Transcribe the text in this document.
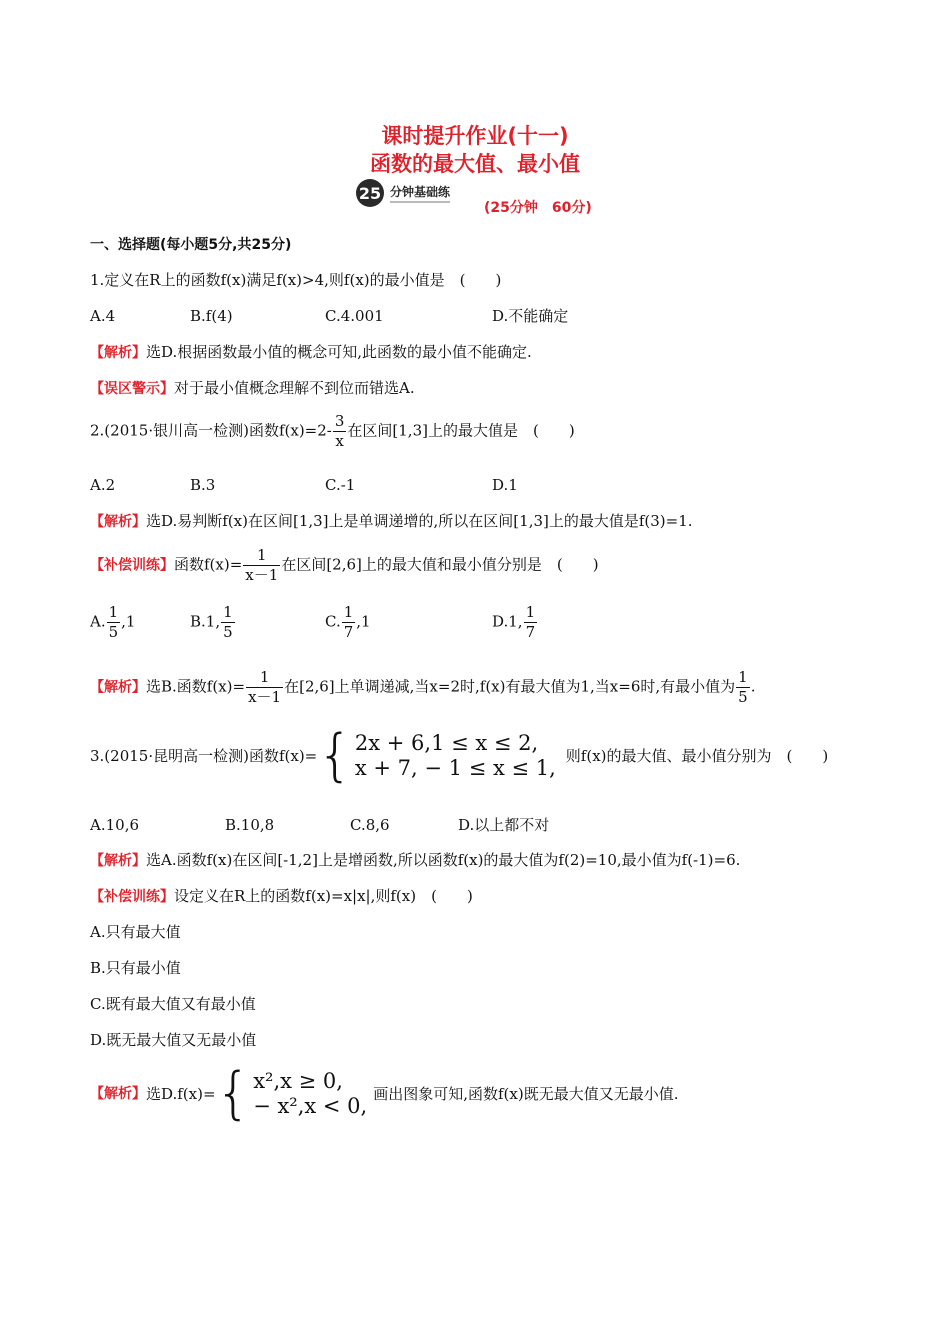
课时提升作业(十一)
函数的最大值、最小值
25 分钟基础练
(25分钟　60分)
一、选择题(每小题5分,共25分)
1.定义在R上的函数f(x)满足f(x)>4,则f(x)的最小值是　(　　)
A.4	B.f(4)	C.4.001	D.不能确定
【解析】选D.根据函数最小值的概念可知,此函数的最小值不能确定.
【误区警示】对于最小值概念理解不到位而错选A.
2.(2015·银川高一检测)函数$f(x)=2- \frac{3}{x}$ 在区间[1,3]上的最大值是　(　　)
A.2	B.3	C.-1	D.1
【解析】选D.易判断f(x)在区间[1,3]上是单调递增的,所以在区间[1,3]上的最大值是f(3)=1.
【补偿训练】函数$f(x)= \frac{1}{x-1}$ 在区间[2,6]上的最大值和最小值分别是　(　　)
A. $\frac{1}{5} ,1$	B.1, $\frac{1}{5}$	C. $\frac{1}{7} ,1$	D.1, $\frac{1}{7}$
【解析】选B.函数$f(x)= \frac{1}{x-1}$ 在[2,6]上单调递减,当x=2时,f(x)有最大值为1,当x=6时,有最小值为 $\frac{1}{5}$ .
3.(2015·昆明高一检测)函数f(x)= { 2x + 6,1 ≤ x ≤ 2,
x + 7, − 1 ≤ x ≤ 1, 则f(x)的最大值、最小值分别为　(　　)
A.10,6	B.10,8	C.8,6	D.以上都不对
【解析】选A.函数f(x)在区间[-1,2]上是增函数,所以函数f(x)的最大值为f(2)=10,最小值为f(-1)=6.
【补偿训练】设定义在R上的函数f(x)=x|x|,则f(x)　(　　)
A.只有最大值
B.只有最小值
C.既有最大值又有最小值
D.既无最大值又无最小值
【解析】选D.f(x)= { x²,x ≥ 0,
− x²,x < 0, 画出图象可知,函数f(x)既无最大值又无最小值.
